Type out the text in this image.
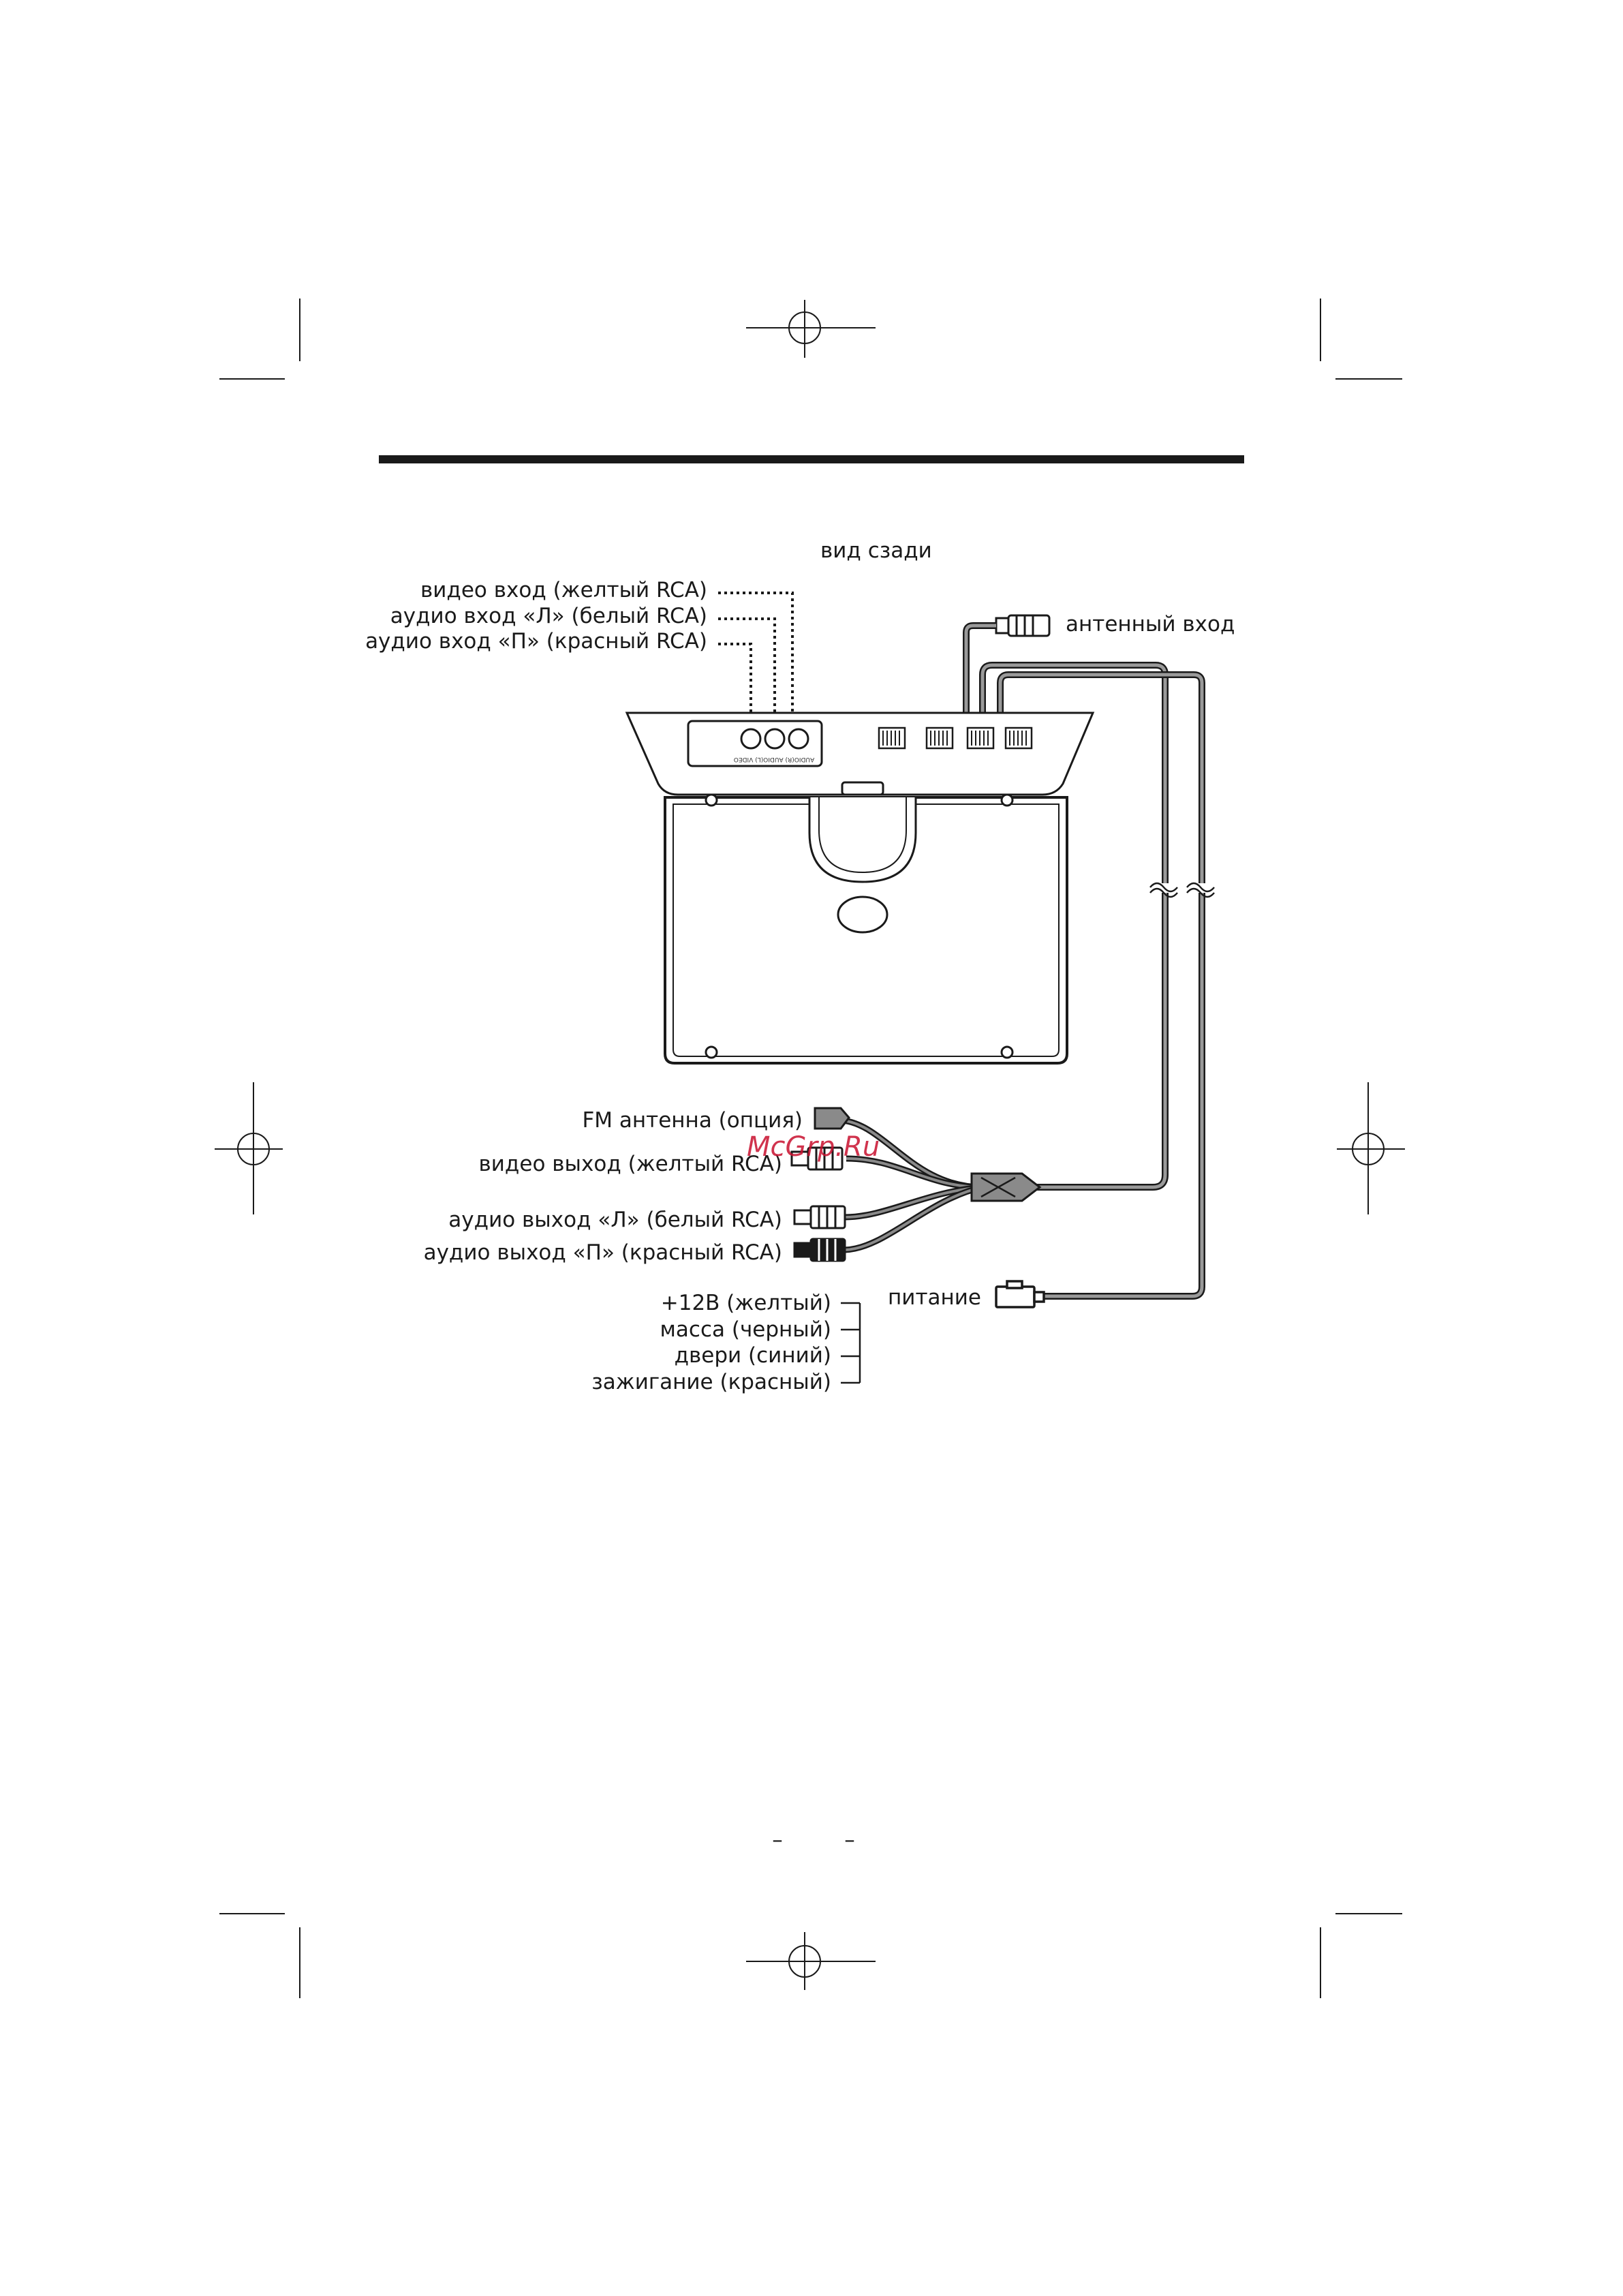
вид сзади
видео вход (желтый RCA)
аудио вход «Л» (белый RCA)
аудио вход «П» (красный RCA)
антенный вход
AUDIO(R) AUDIO(L) VIDEO
FM антенна (опция)
видео выход (желтый RCA)
аудио выход «Л» (белый RCA)
аудио выход «П» (красный RCA)
питание
+12В (желтый)
масса (черный)
двери (синий)
зажигание (красный)
McGrp.Ru
–	–
